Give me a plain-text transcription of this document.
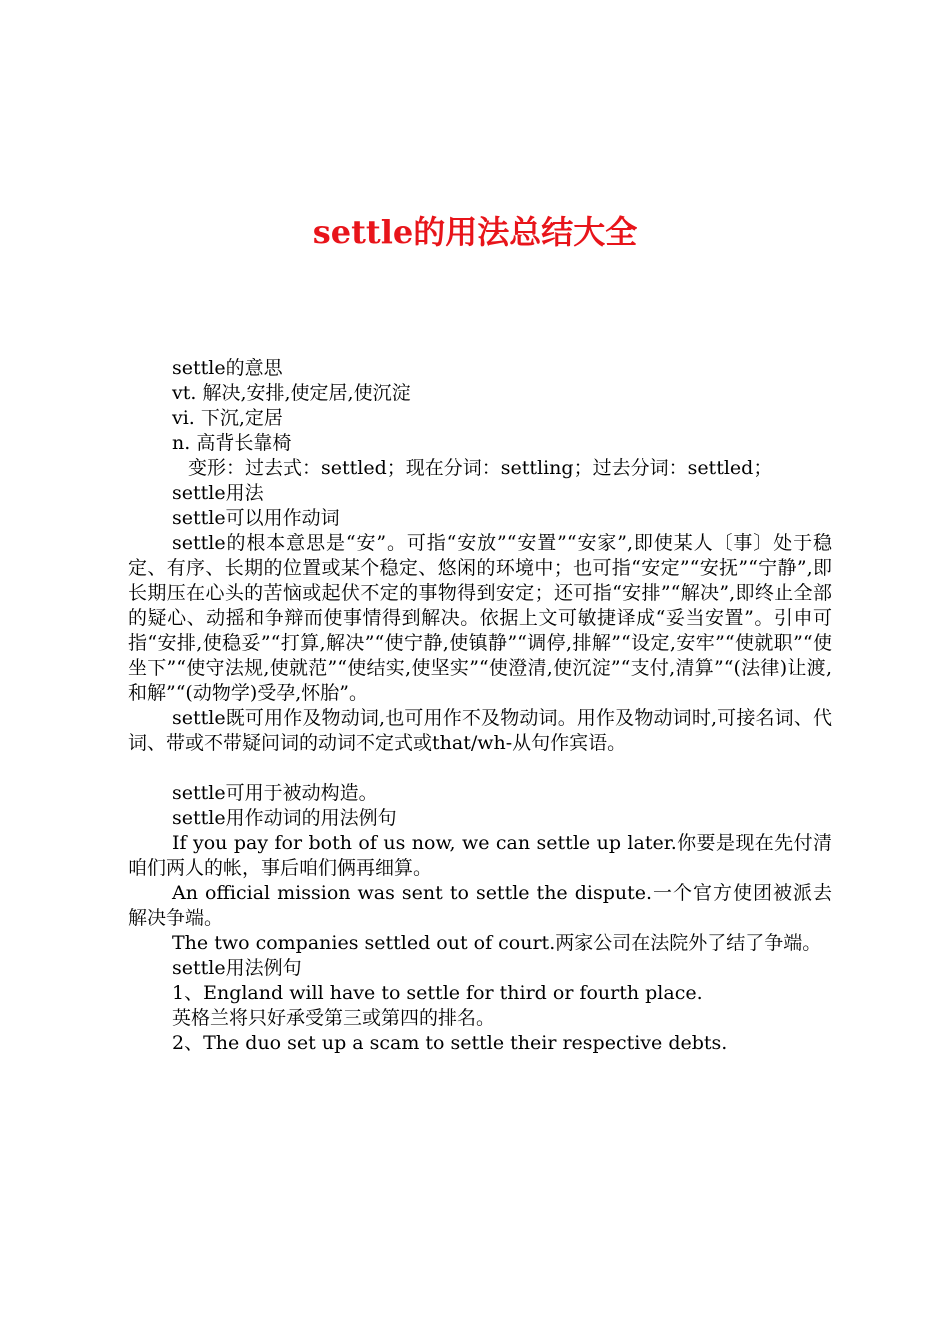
settle的用法总结大全

settle的意思

vt. 解决,安排,使定居,使沉淀

vi. 下沉,定居

n. 高背长靠椅

变形：过去式：settled；现在分词：settling；过去分词：settled；

settle用法

settle可以用作动词

settle的根本意思是“安”。可指“安放”“安置”“安家”,即使某人〔事〕处于稳定、有序、长期的位置或某个稳定、悠闲的环境中；也可指“安定”“安抚”“宁静”,即长期压在心头的苦恼或起伏不定的事物得到安定；还可指“安排”“解决”,即终止全部的疑心、动摇和争辩而使事情得到解决。依据上文可敏捷译成“妥当安置”。引申可指“安排,使稳妥”“打算,解决”“使宁静,使镇静”“调停,排解”“设定,安牢”“使就职”“使坐下”“使守法规,使就范”“使结实,使坚实”“使澄清,使沉淀”“支付,清算”“(法律)让渡,和解”“(动物学)受孕,怀胎”。

settle既可用作及物动词,也可用作不及物动词。用作及物动词时,可接名词、代词、带或不带疑问词的动词不定式或that/wh-从句作宾语。

settle可用于被动构造。

settle用作动词的用法例句

If you pay for both of us now, we can settle up later.你要是现在先付清咱们两人的帐，事后咱们俩再细算。

An official mission was sent to settle the dispute.一个官方使团被派去解决争端。

The two companies settled out of court.两家公司在法院外了结了争端。

settle用法例句

1、England will have to settle for third or fourth place.

英格兰将只好承受第三或第四的排名。

2、The duo set up a scam to settle their respective debts.
